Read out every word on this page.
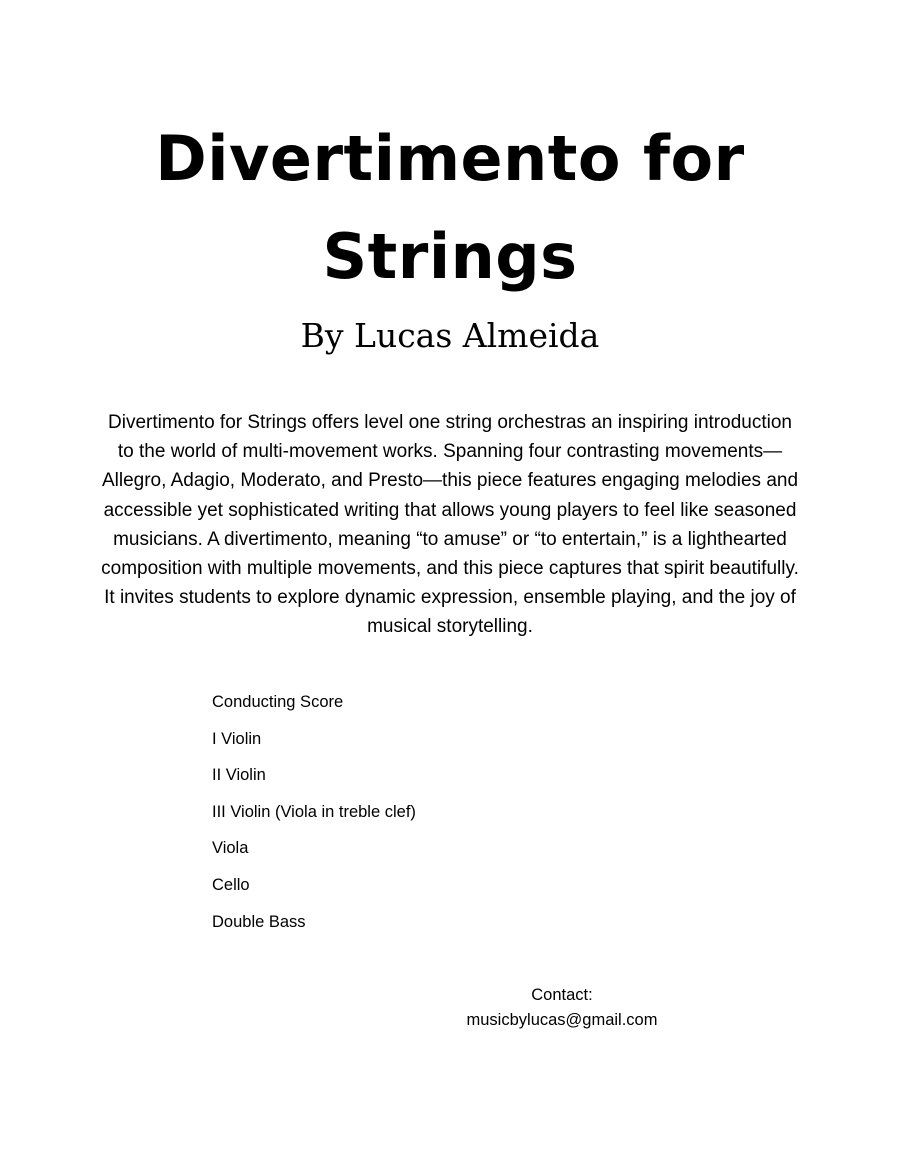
Divertimento for
Strings
By Lucas Almeida

Divertimento for Strings offers level one string orchestras an inspiring introduction to the world of multi-movement works. Spanning four contrasting movements—Allegro, Adagio, Moderato, and Presto—this piece features engaging melodies and accessible yet sophisticated writing that allows young players to feel like seasoned musicians. A divertimento, meaning “to amuse” or “to entertain,” is a lighthearted composition with multiple movements, and this piece captures that spirit beautifully. It invites students to explore dynamic expression, ensemble playing, and the joy of musical storytelling.

Conducting Score
I Violin
II Violin
III Violin (Viola in treble clef)
Viola
Cello
Double Bass
Contact:
musicbylucas@gmail.com
